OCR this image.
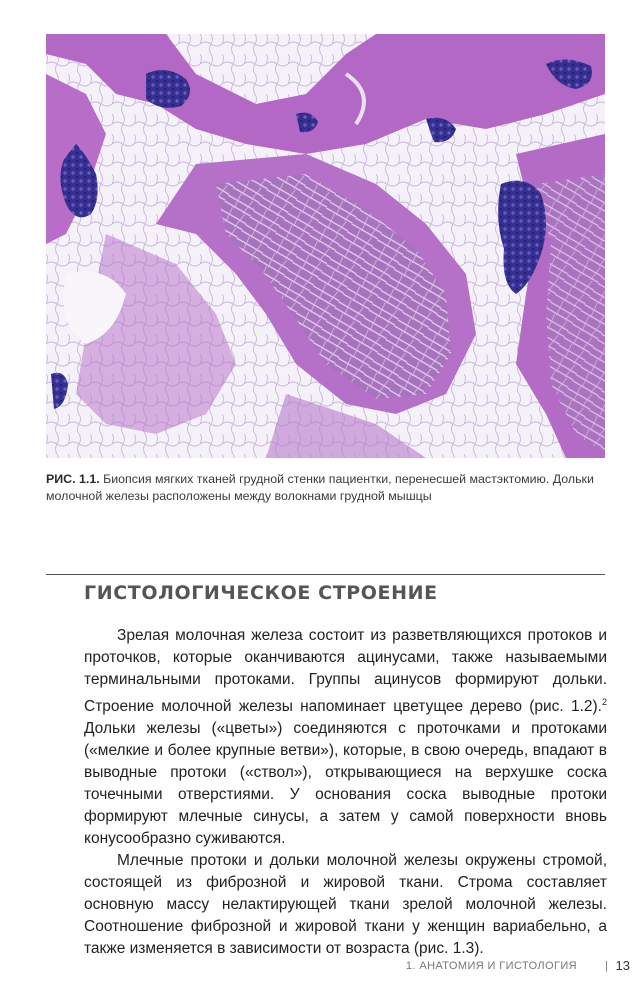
РИС. 1.1. Биопсия мягких тканей грудной стенки пациентки, перенесшей мастэктомию. Дольки молочной железы расположены между волокнами грудной мышцы
ГИСТОЛОГИЧЕСКОЕ СТРОЕНИЕ

Зрелая молочная железа состоит из разветвляющихся протоков и проточков, которые оканчиваются ацинусами, также называемыми терминальными протоками. Группы ацинусов формируют дольки. Строение молочной железы напоминает цветущее дерево (рис. 1.2).$^2$ Дольки железы («цветы») соединяются с проточками и протоками («мелкие и более крупные ветви»), которые, в свою очередь, впадают в выводные протоки («ствол»), открывающиеся на верхушке соска точечными отверстиями. У основания соска выводные протоки формируют млечные синусы, а затем у самой поверхности вновь конусообразно суживаются.

Млечные протоки и дольки молочной железы окружены стромой, состоящей из фиброзной и жировой ткани. Строма составляет основную массу нелактирующей ткани зрелой молочной железы. Соотношение фиброзной и жировой ткани у женщин вариабельно, а также изменяется в зависимости от возраста (рис. 1.3).

1. АНАТОМИЯ И ГИСТОЛОГИЯ	| 13
